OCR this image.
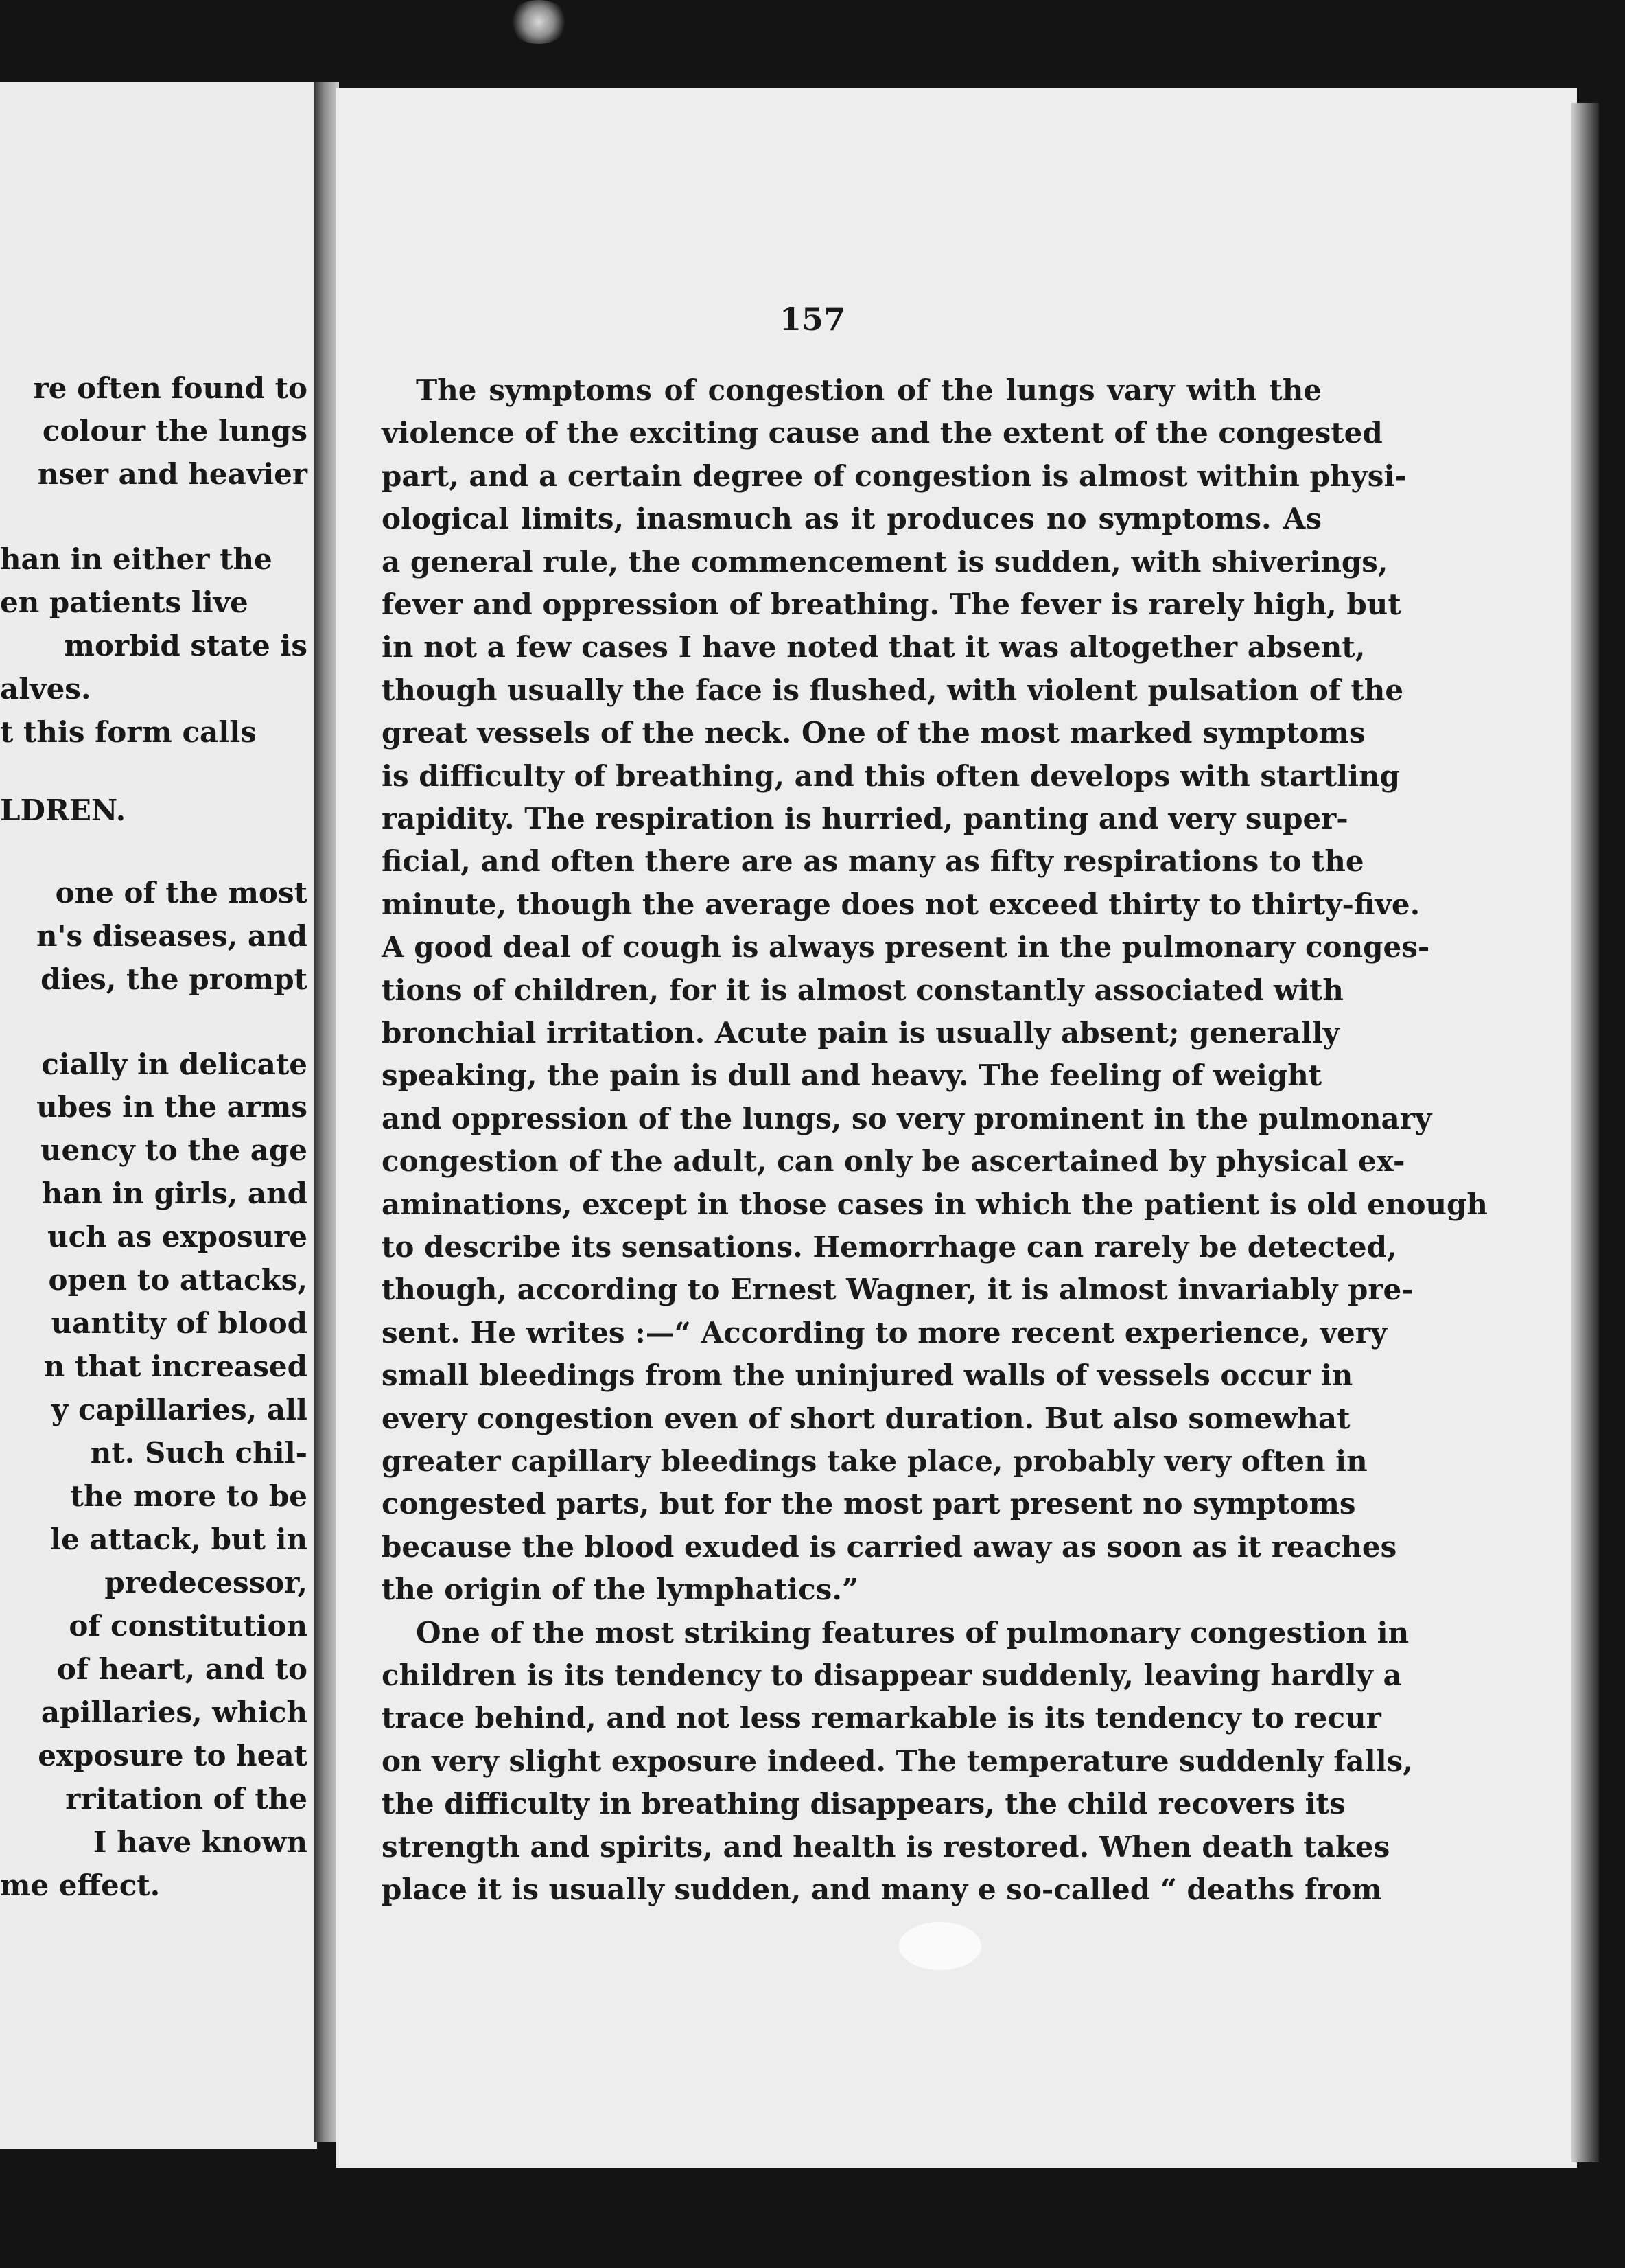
re often found to
colour the lungs
nser and heavier
han in either the
en patients live
morbid state is
alves.
t this form calls
LDREN.
one of the most
n's diseases, and
dies, the prompt
cially in delicate
ubes in the arms
uency to the age
han in girls, and
uch as exposure
open to attacks,
uantity of blood
n that increased
y capillaries, all
nt. Such chil-
the more to be
le attack, but in
predecessor,
of constitution
of heart, and to
apillaries, which
exposure to heat
rritation of the
I have known
me effect.
157
The symptoms of congestion of the lungs vary with the
violence of the exciting cause and the extent of the congested
part, and a certain degree of congestion is almost within physi-
ological limits, inasmuch as it produces no symptoms. As
a general rule, the commencement is sudden, with shiverings,
fever and oppression of breathing. The fever is rarely high, but
in not a few cases I have noted that it was altogether absent,
though usually the face is flushed, with violent pulsation of the
great vessels of the neck. One of the most marked symptoms
is difficulty of breathing, and this often develops with startling
rapidity. The respiration is hurried, panting and very super-
ficial, and often there are as many as fifty respirations to the
minute, though the average does not exceed thirty to thirty-five.
A good deal of cough is always present in the pulmonary conges-
tions of children, for it is almost constantly associated with
bronchial irritation. Acute pain is usually absent; generally
speaking, the pain is dull and heavy. The feeling of weight
and oppression of the lungs, so very prominent in the pulmonary
congestion of the adult, can only be ascertained by physical ex-
aminations, except in those cases in which the patient is old enough
to describe its sensations. Hemorrhage can rarely be detected,
though, according to Ernest Wagner, it is almost invariably pre-
sent. He writes :—“ According to more recent experience, very
small bleedings from the uninjured walls of vessels occur in
every congestion even of short duration. But also somewhat
greater capillary bleedings take place, probably very often in
congested parts, but for the most part present no symptoms
because the blood exuded is carried away as soon as it reaches
the origin of the lymphatics.”
One of the most striking features of pulmonary congestion in
children is its tendency to disappear suddenly, leaving hardly a
trace behind, and not less remarkable is its tendency to recur
on very slight exposure indeed. The temperature suddenly falls,
the difficulty in breathing disappears, the child recovers its
strength and spirits, and health is restored. When death takes
place it is usually sudden, and many e so-called “ deaths from
